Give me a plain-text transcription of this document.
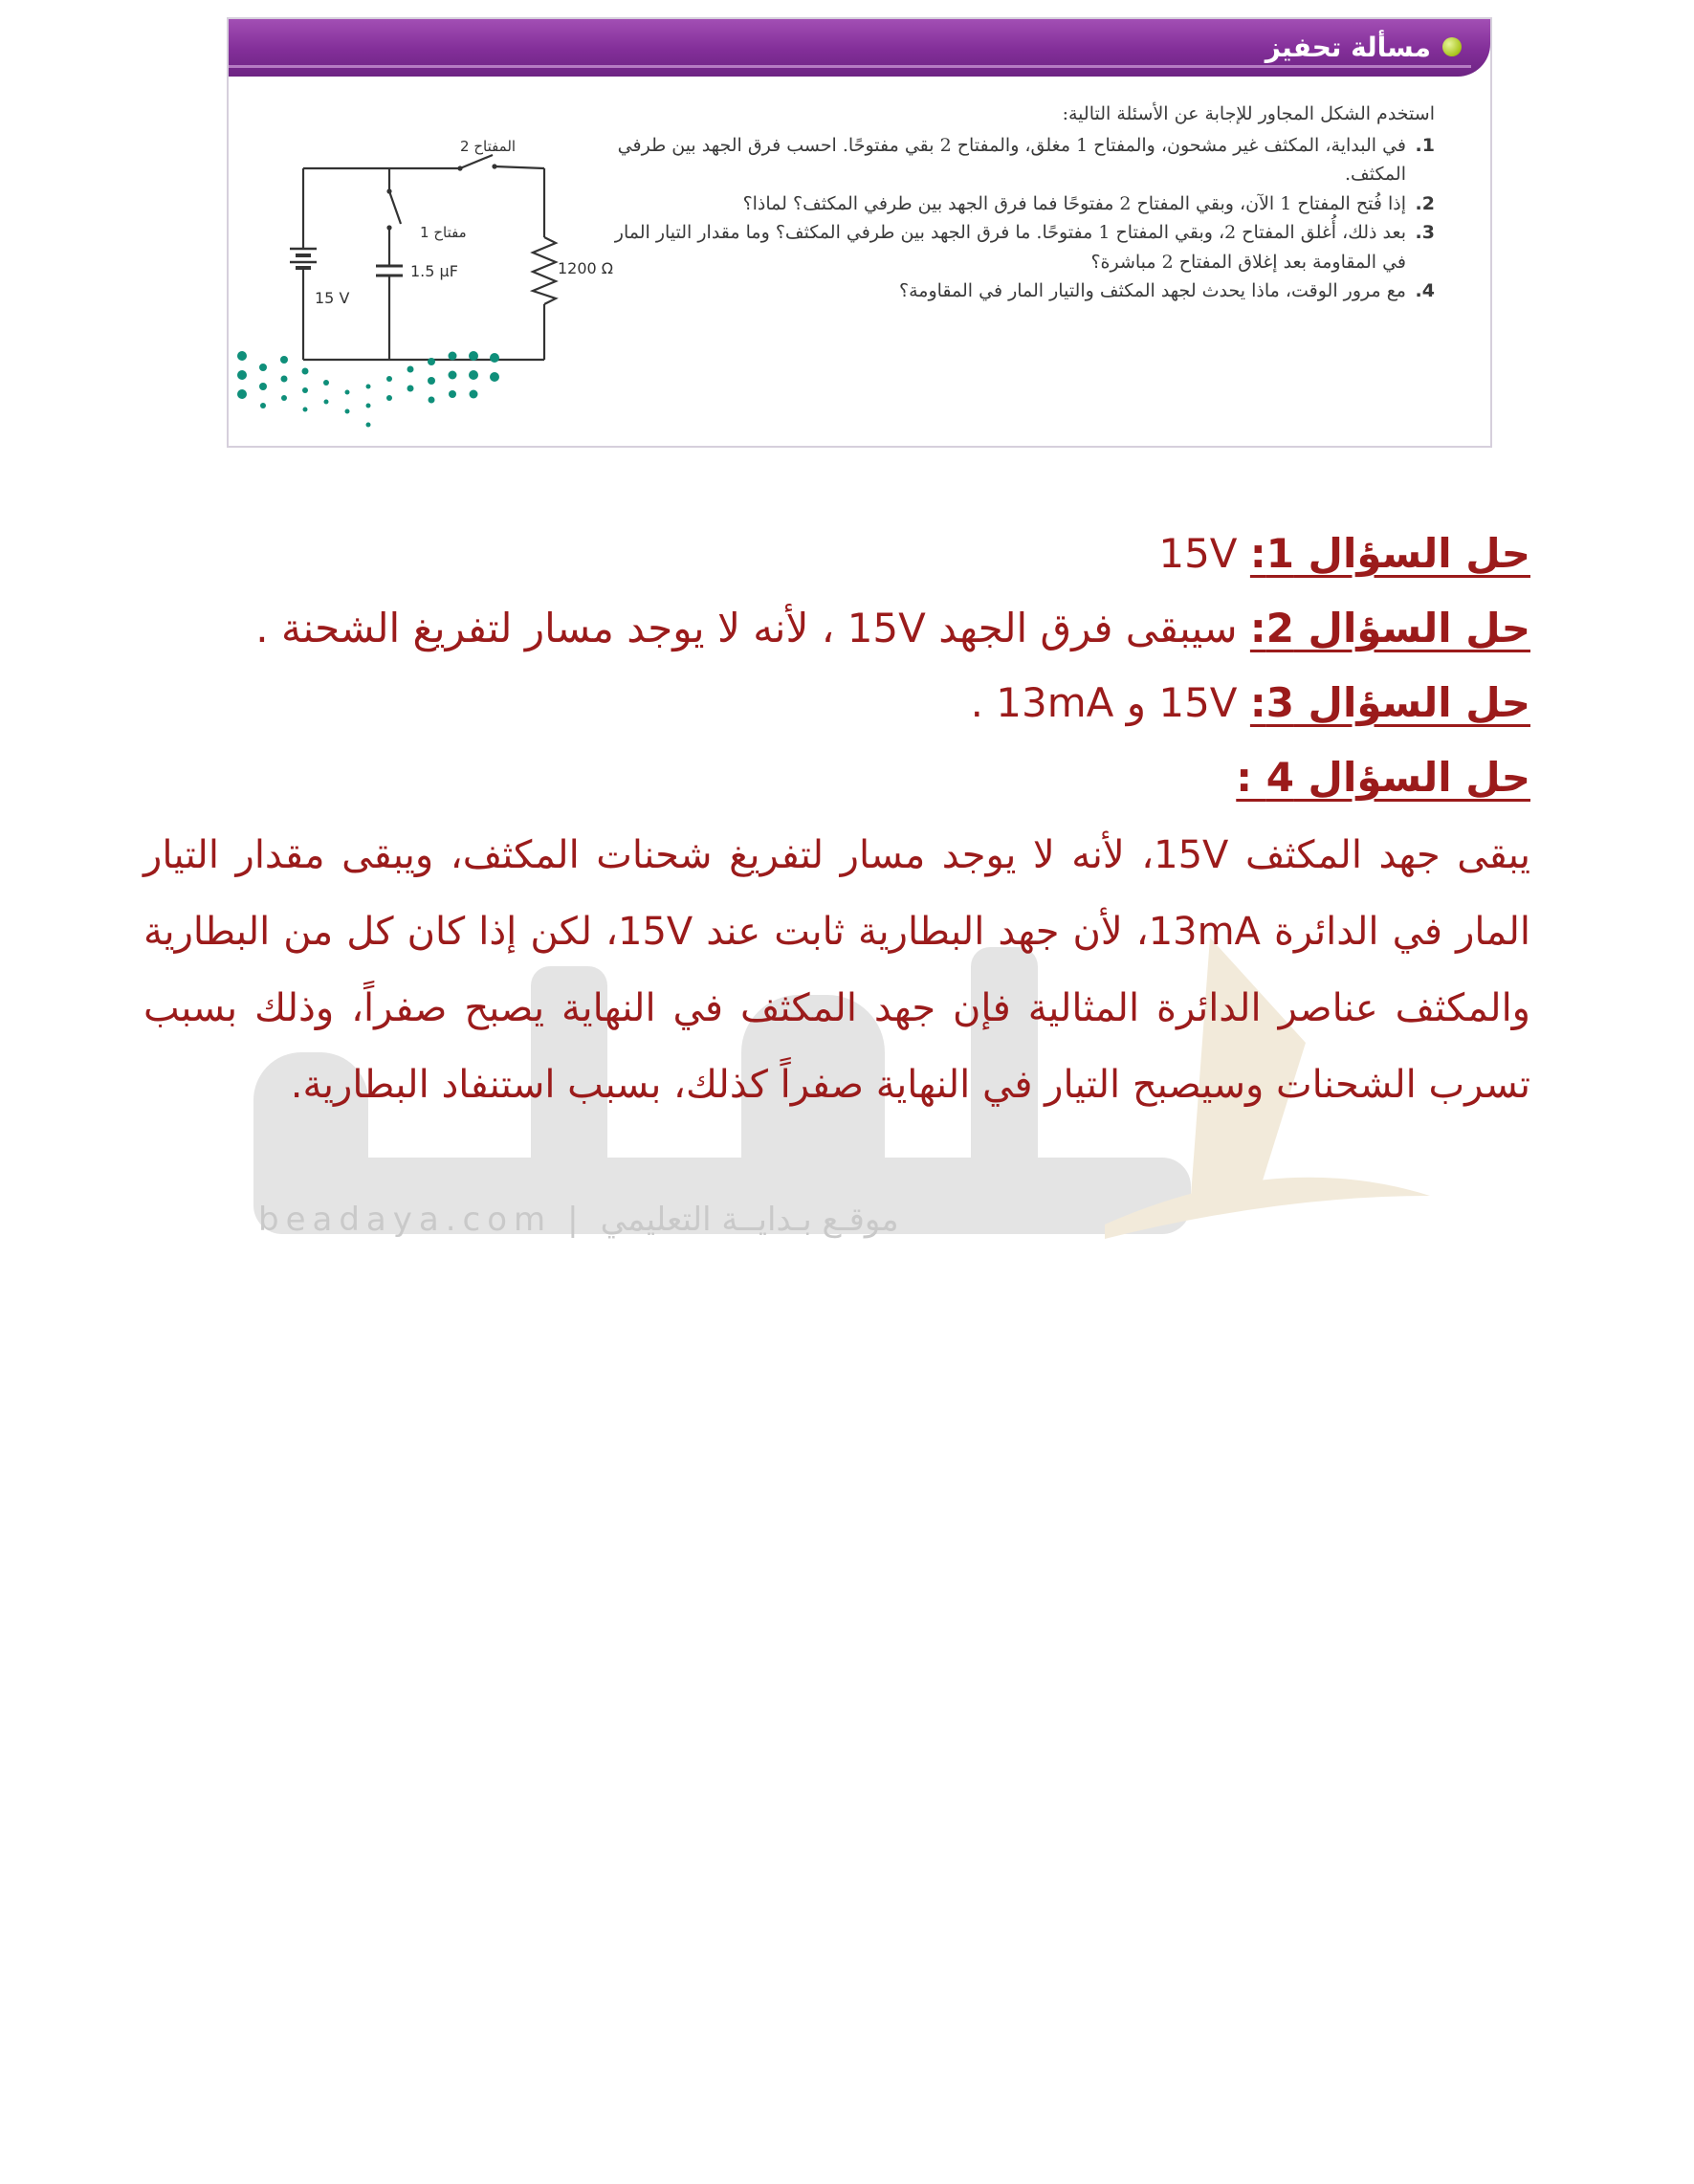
مسألة تحفيز

استخدم الشكل المجاور للإجابة عن الأسئلة التالية:

1.
في البداية، المكثف غير مشحون، والمفتاح 1 مغلق، والمفتاح 2 بقي مفتوحًا. احسب فرق الجهد بين طرفي المكثف.
2.
إذا فُتح المفتاح 1 الآن، وبقي المفتاح 2 مفتوحًا فما فرق الجهد بين طرفي المكثف؟ لماذا؟
3.
بعد ذلك، أُغلق المفتاح 2، وبقي المفتاح 1 مفتوحًا. ما فرق الجهد بين طرفي المكثف؟ وما مقدار التيار المار في المقاومة بعد إغلاق المفتاح 2 مباشرة؟
4.
مع مرور الوقت، ماذا يحدث لجهد المكثف والتيار المار في المقاومة؟
المفتاح 2
مفتاح 1
1.5 μF
15 V
1200 Ω
beadaya.com | موقـع بـدايــة التعليمي
حل السؤال 1: 15V
حل السؤال 2: سيبقى فرق الجهد 15V ، لأنه لا يوجد مسار لتفريغ الشحنة .
حل السؤال 3: 15V و 13mA .
حل السؤال 4 :
يبقى جهد المكثف 15V، لأنه لا يوجد مسار لتفريغ شحنات المكثف، ويبقى مقدار التيار المار في الدائرة 13mA، لأن جهد البطارية ثابت عند 15V، لكن إذا كان كل من البطارية والمكثف عناصر الدائرة المثالية فإن جهد المكثف في النهاية يصبح صفراً، وذلك بسبب تسرب الشحنات وسيصبح التيار في النهاية صفراً كذلك، بسبب استنفاد البطارية.
